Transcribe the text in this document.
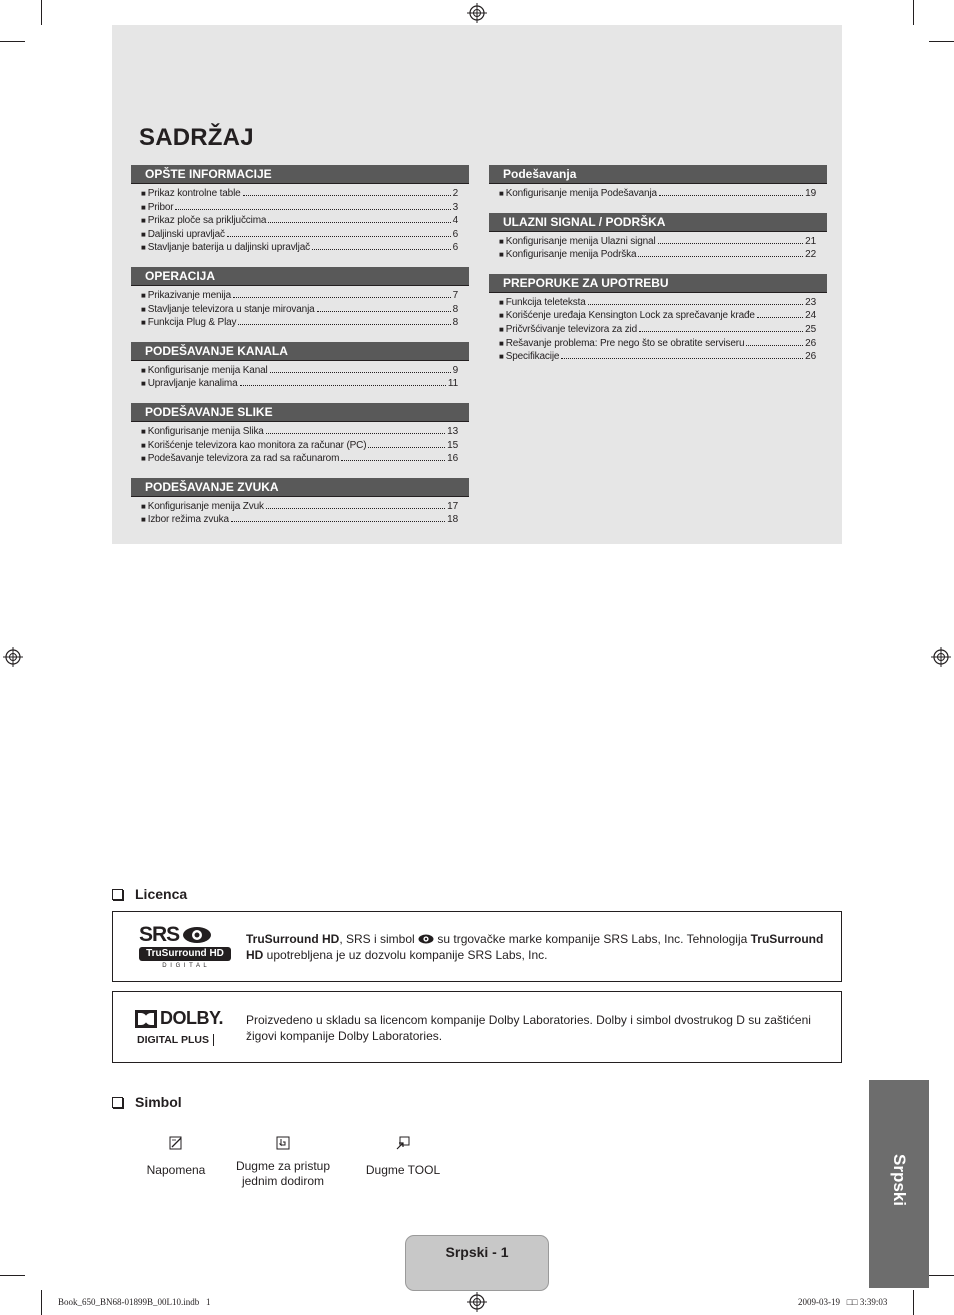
SADRŽAJ
OPŠTE INFORMACIJE
■ Prikaz kontrolne table	2
■ Pribor	3
■ Prikaz ploče sa priključcima	4
■ Daljinski upravljač	6
■ Stavljanje baterija u daljinski upravljač	6
OPERACIJA
■ Prikazivanje menija	7
■ Stavljanje televizora u stanje mirovanja	8
■ Funkcija Plug & Play	8
PODEŠAVANJE KANALA
■ Konfigurisanje menija Kanal	9
■ Upravljanje kanalima	11
PODEŠAVANJE SLIKE
■ Konfigurisanje menija Slika	13
■ Korišćenje televizora kao monitora za računar (PC)	15
■ Podešavanje televizora za rad sa računarom	16
PODEŠAVANJE ZVUKA
■ Konfigurisanje menija Zvuk	17
■ Izbor režima zvuka	18
Podešavanja
■ Konfigurisanje menija Podešavanja	19
ULAZNI SIGNAL / PODRŠKA
■ Konfigurisanje menija Ulazni signal	21
■ Konfigurisanje menija Podrška	22
PREPORUKE ZA UPOTREBU
■ Funkcija teleteksta	23
■ Korišćenje uređaja Kensington Lock za sprečavanje krađe	24
■ Pričvršćivanje televizora za zid	25
■ Rešavanje problema: Pre nego što se obratite serviseru	26
■ Specifikacije	26
Licenca
SRS
TruSurround HD
D I G I T A L
TruSurround HD, SRS i simbol  su trgovačke marke kompanije SRS Labs, Inc. Tehnologija TruSurround HD upotrebljena je uz dozvolu kompanije SRS Labs, Inc.
DOLBY.
DIGITAL PLUS
Proizvedeno u skladu sa licencom kompanije Dolby Laboratories. Dolby i simbol dvostrukog D su zaštićeni žigovi kompanije Dolby Laboratories.
Simbol
Napomena	Dugme za pristup jednim dodirom
Dugme TOOL
Srpski - 1
Srpski
Book_650_BN68-01899B_00L10.indb   1	2009-03-19   □□ 3:39:03
